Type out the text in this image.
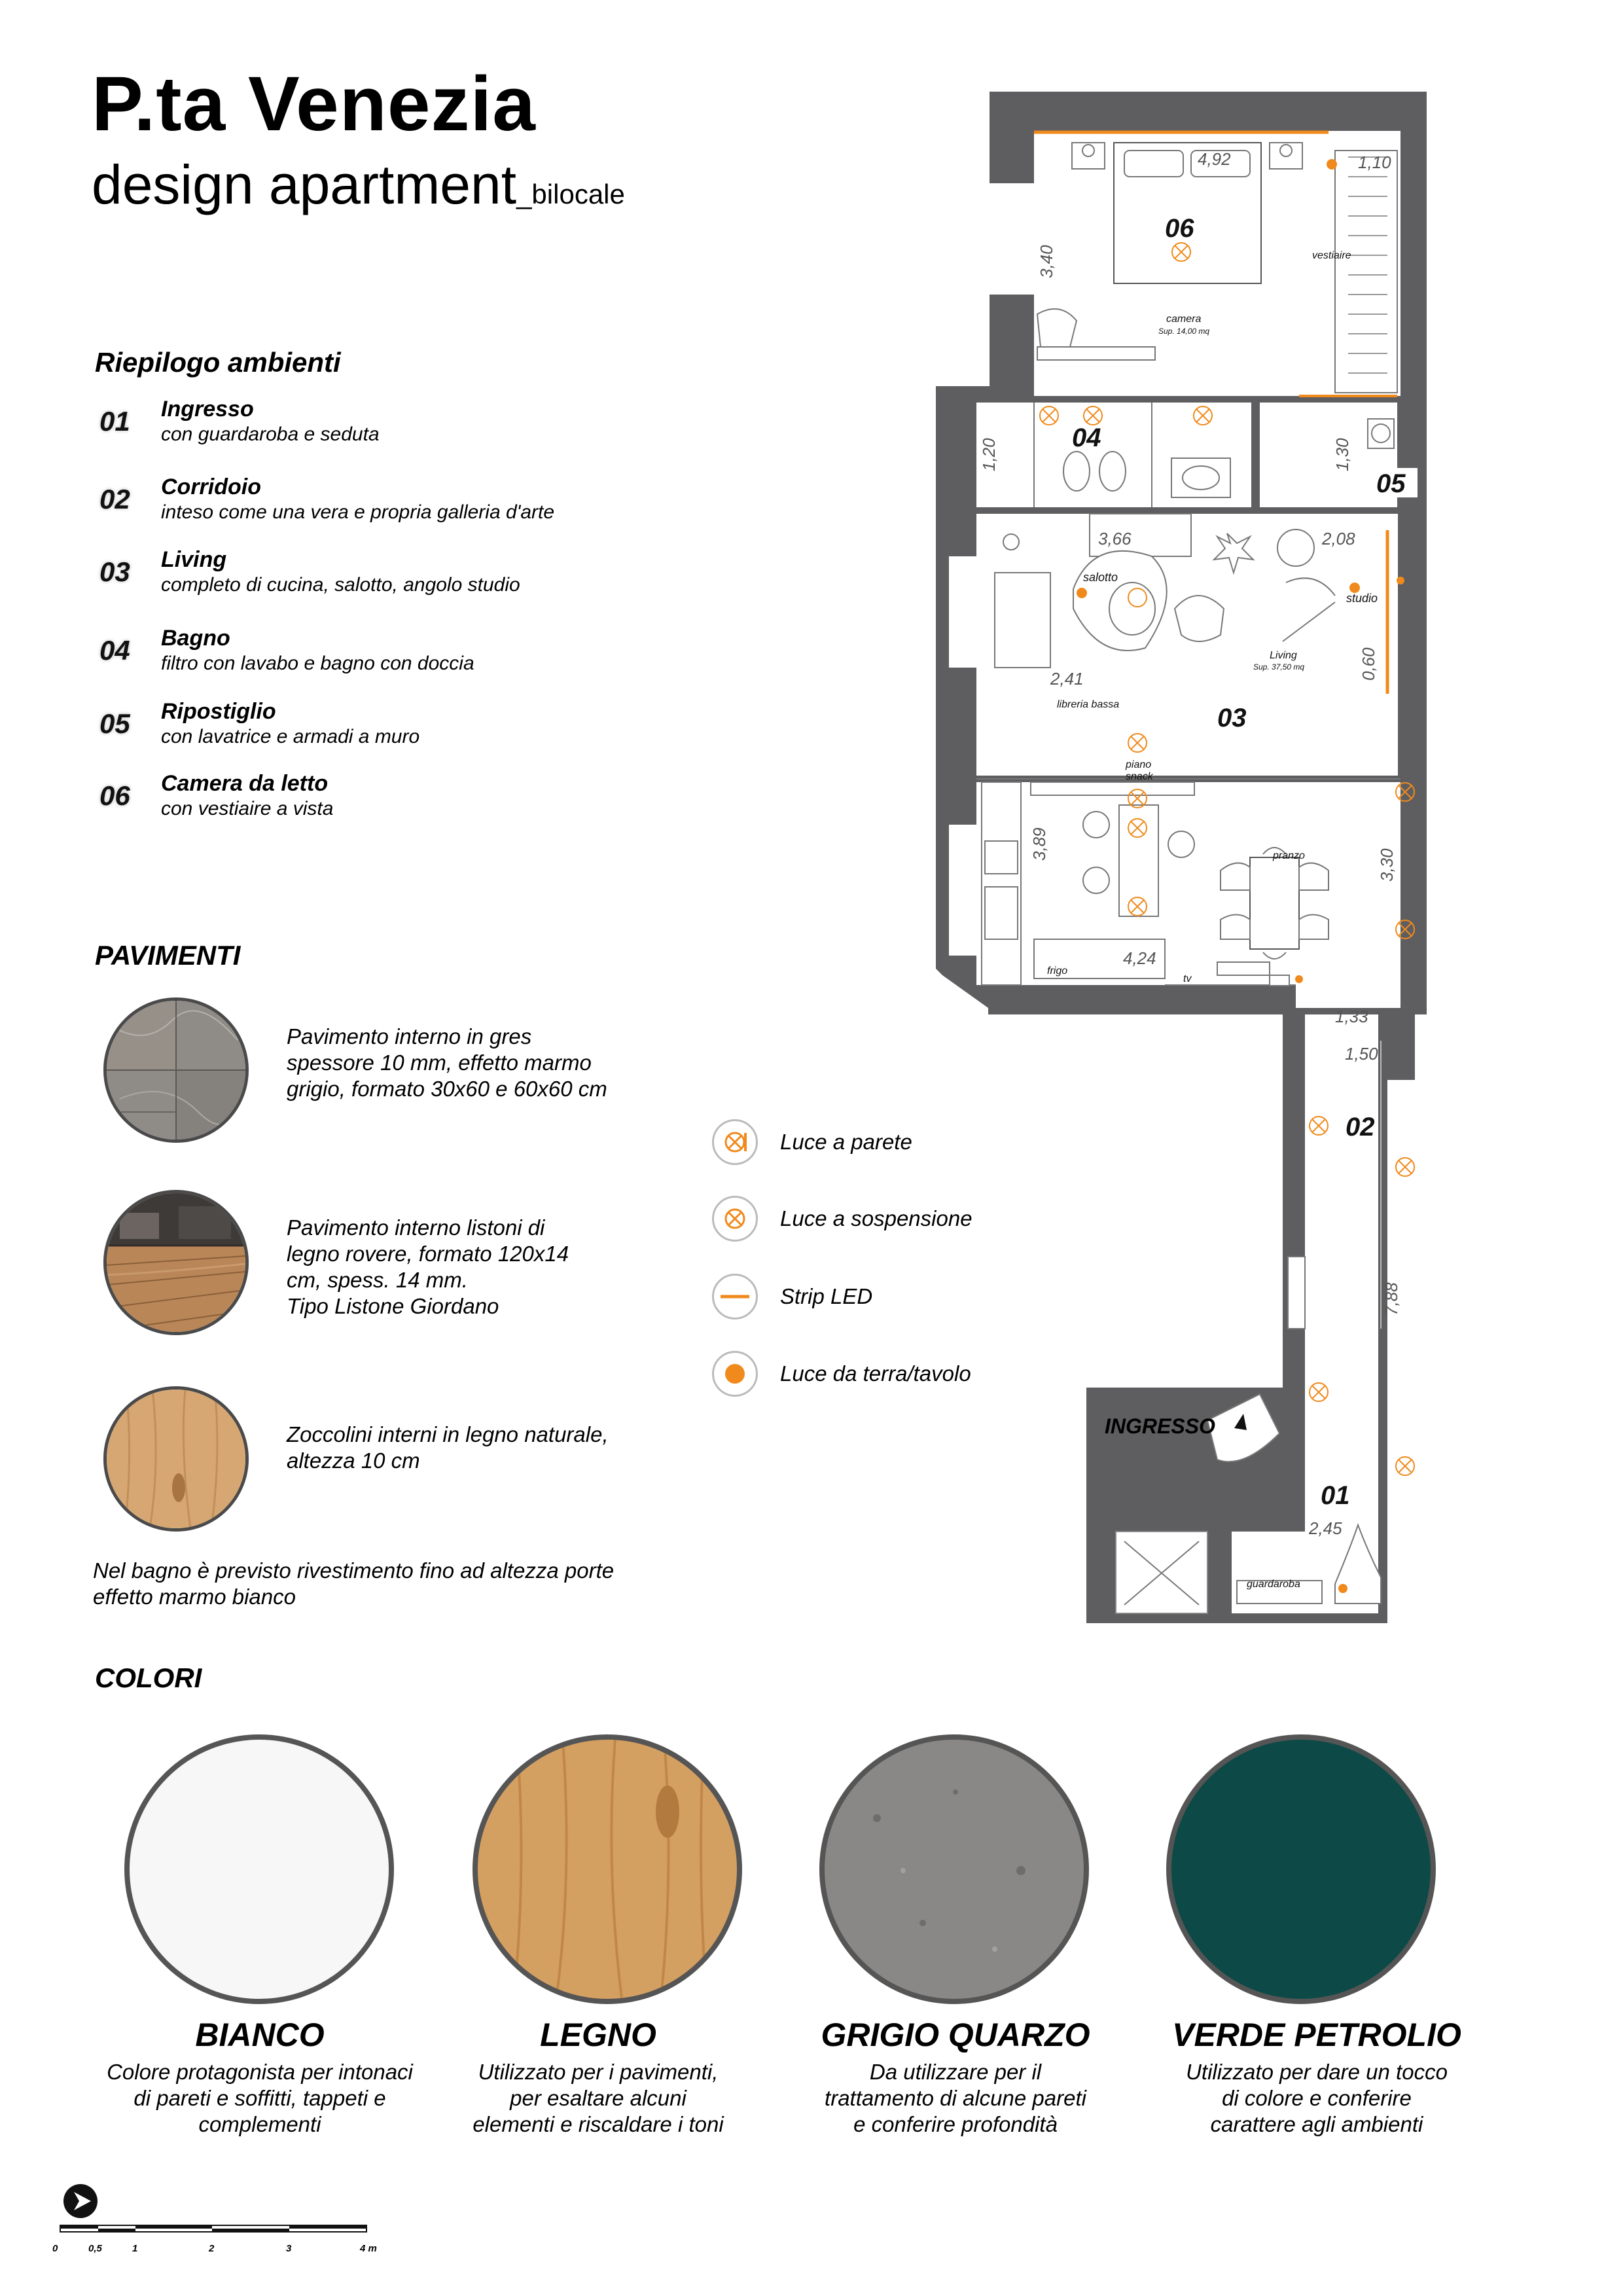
P.ta Venezia
design apartment_bilocale
Riepilogo ambienti
01 Ingresso
con guardaroba e seduta
02 Corridoio
inteso come una vera e propria galleria d'arte
03 Living
completo di cucina, salotto, angolo studio
04 Bagno
filtro con lavabo e bagno con doccia
05 Ripostiglio
con lavatrice e armadi a muro
06 Camera da letto
con vestiaire a vista
PAVIMENTI
Pavimento interno in gres
spessore 10 mm, effetto marmo
grigio, formato 30x60 e 60x60 cm
Pavimento interno listoni di
legno rovere, formato 120x14
cm, spess. 14 mm.
Tipo Listone Giordano
Zoccolini interni in legno naturale,
altezza 10 cm
Nel bagno è previsto rivestimento fino ad altezza porte
effetto marmo bianco
Luce a parete
Luce a sospensione
Strip LED
Luce da terra/tavolo
06
04
05
03
02
01
camera
Sup. 14,00 mq
vestiaire
salotto
studio
Living
Sup. 37,50 mq
libreria bassa
piano
snack
pranzo
frigo
tv
INGRESSO
guardaroba
4,92	1,10
3,40
1,20	1,30
3,66	2,08
0,60
2,41
3,89
3,30
4,24
1,33
1,50
7,88
2,45
COLORI
BIANCO	LEGNO	GRIGIO QUARZO	VERDE PETROLIO
Colore protagonista per intonaci
di pareti e soffitti, tappeti e
complementi
Utilizzato per i pavimenti,
per esaltare alcuni
elementi e riscaldare i toni
Da utilizzare per il
trattamento di alcune pareti
e conferire profondità
Utilizzato per dare un tocco
di colore e conferire
carattere agli ambienti
0	0,5	1	2	3	4 m
